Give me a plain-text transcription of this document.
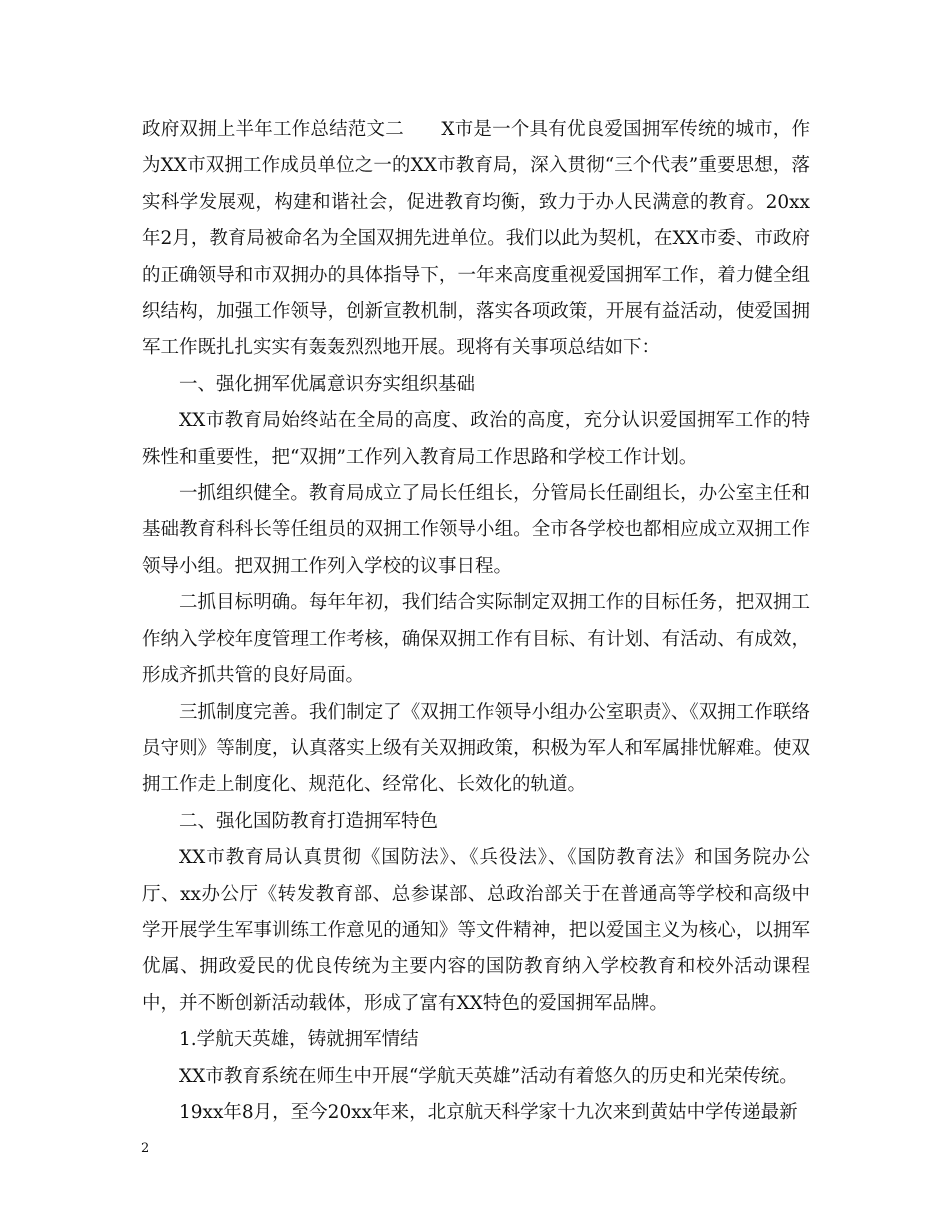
政府双拥上半年工作总结范文二　　X市是一个具有优良爱国拥军传统的城市，作为XX市双拥工作成员单位之一的XX市教育局，深入贯彻“三个代表”重要思想，落实科学发展观，构建和谐社会，促进教育均衡，致力于办人民满意的教育。20xx年2月，教育局被命名为全国双拥先进单位。我们以此为契机，在XX市委、市政府的正确领导和市双拥办的具体指导下，一年来高度重视爱国拥军工作，着力健全组织结构，加强工作领导，创新宣教机制，落实各项政策，开展有益活动，使爱国拥军工作既扎扎实实有轰轰烈烈地开展。现将有关事项总结如下：

一、强化拥军优属意识夯实组织基础

XX市教育局始终站在全局的高度、政治的高度，充分认识爱国拥军工作的特殊性和重要性，把“双拥”工作列入教育局工作思路和学校工作计划。

一抓组织健全。教育局成立了局长任组长，分管局长任副组长，办公室主任和基础教育科科长等任组员的双拥工作领导小组。全市各学校也都相应成立双拥工作领导小组。把双拥工作列入学校的议事日程。

二抓目标明确。每年年初，我们结合实际制定双拥工作的目标任务，把双拥工作纳入学校年度管理工作考核，确保双拥工作有目标、有计划、有活动、有成效，形成齐抓共管的良好局面。

三抓制度完善。我们制定了《双拥工作领导小组办公室职责》、《双拥工作联络员守则》等制度，认真落实上级有关双拥政策，积极为军人和军属排忧解难。使双拥工作走上制度化、规范化、经常化、长效化的轨道。

二、强化国防教育打造拥军特色

XX市教育局认真贯彻《国防法》、《兵役法》、《国防教育法》和国务院办公厅、xx办公厅《转发教育部、总参谋部、总政治部关于在普通高等学校和高级中学开展学生军事训练工作意见的通知》等文件精神，把以爱国主义为核心，以拥军优属、拥政爱民的优良传统为主要内容的国防教育纳入学校教育和校外活动课程中，并不断创新活动载体，形成了富有XX特色的爱国拥军品牌。

1.学航天英雄，铸就拥军情结

XX市教育系统在师生中开展“学航天英雄”活动有着悠久的历史和光荣传统。

19xx年8月，至今20xx年来，北京航天科学家十九次来到黄姑中学传递最新

2
